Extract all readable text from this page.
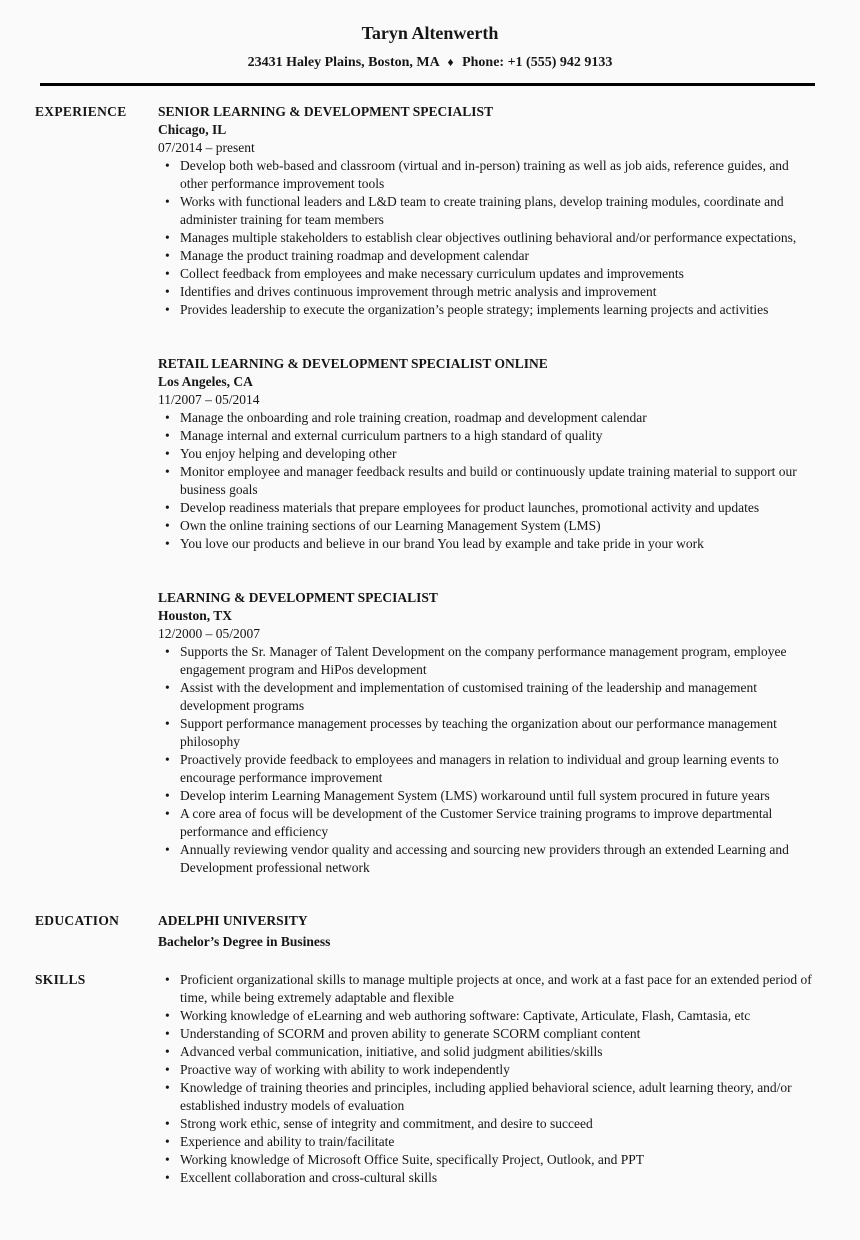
Taryn Altenwerth
23431 Haley Plains, Boston, MA ♦ Phone: +1 (555) 942 9133
EXPERIENCE	SENIOR LEARNING & DEVELOPMENT SPECIALIST
Chicago, IL
07/2014 – present
• Develop both web-based and classroom (virtual and in-person) training as well as job aids, reference guides, and other performance improvement tools
• Works with functional leaders and L&D team to create training plans, develop training modules, coordinate and administer training for team members
• Manages multiple stakeholders to establish clear objectives outlining behavioral and/or performance expectations,
• Manage the product training roadmap and development calendar
• Collect feedback from employees and make necessary curriculum updates and improvements
• Identifies and drives continuous improvement through metric analysis and improvement
• Provides leadership to execute the organization’s people strategy; implements learning projects and activities
RETAIL LEARNING & DEVELOPMENT SPECIALIST ONLINE
Los Angeles, CA
11/2007 – 05/2014
• Manage the onboarding and role training creation, roadmap and development calendar
• Manage internal and external curriculum partners to a high standard of quality
• You enjoy helping and developing other
• Monitor employee and manager feedback results and build or continuously update training material to support our business goals
• Develop readiness materials that prepare employees for product launches, promotional activity and updates
• Own the online training sections of our Learning Management System (LMS)
• You love our products and believe in our brand You lead by example and take pride in your work
LEARNING & DEVELOPMENT SPECIALIST
Houston, TX
12/2000 – 05/2007
• Supports the Sr. Manager of Talent Development on the company performance management program, employee engagement program and HiPos development
• Assist with the development and implementation of customised training of the leadership and management development programs
• Support performance management processes by teaching the organization about our performance management philosophy
• Proactively provide feedback to employees and managers in relation to individual and group learning events to encourage performance improvement
• Develop interim Learning Management System (LMS) workaround until full system procured in future years
• A core area of focus will be development of the Customer Service training programs to improve departmental performance and efficiency
• Annually reviewing vendor quality and accessing and sourcing new providers through an extended Learning and Development professional network
EDUCATION	ADELPHI UNIVERSITY
Bachelor’s Degree in Business
SKILLS	• Proficient organizational skills to manage multiple projects at once, and work at a fast pace for an extended period of time, while being extremely adaptable and flexible
• Working knowledge of eLearning and web authoring software: Captivate, Articulate, Flash, Camtasia, etc
• Understanding of SCORM and proven ability to generate SCORM compliant content
• Advanced verbal communication, initiative, and solid judgment abilities/skills
• Proactive way of working with ability to work independently
• Knowledge of training theories and principles, including applied behavioral science, adult learning theory, and/or established industry models of evaluation
• Strong work ethic, sense of integrity and commitment, and desire to succeed
• Experience and ability to train/facilitate
• Working knowledge of Microsoft Office Suite, specifically Project, Outlook, and PPT
• Excellent collaboration and cross-cultural skills
